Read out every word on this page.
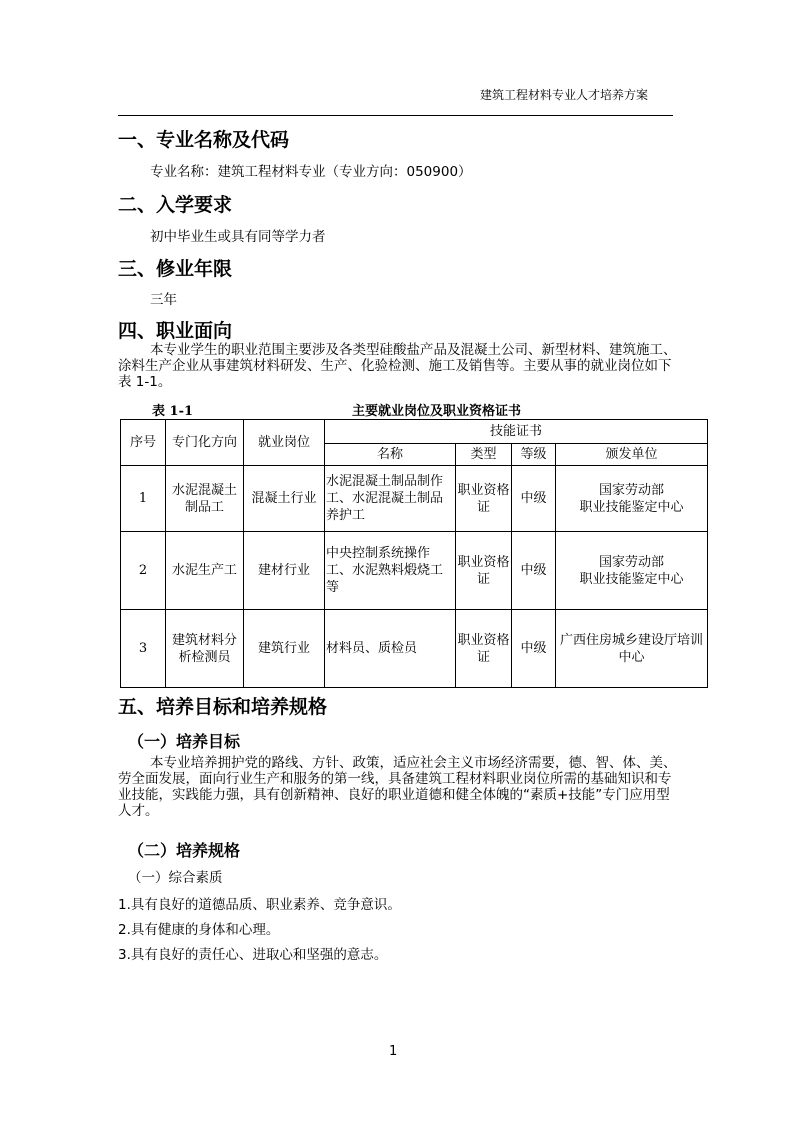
建筑工程材料专业人才培养方案
一、专业名称及代码
专业名称：建筑工程材料专业（专业方向：050900）
二、入学要求
初中毕业生或具有同等学力者
三、修业年限
三年
四、职业面向
本专业学生的职业范围主要涉及各类型硅酸盐产品及混凝土公司、新型材料、建筑施工、涂料生产企业从事建筑材料研发、生产、化验检测、施工及销售等。主要从事的就业岗位如下表 1-1。
表 1-1	主要就业岗位及职业资格证书
序号	专门化方向	就业岗位	技能证书			
			名称	类型	等级	颁发单位
1	水泥混凝土制品工	混凝土行业	水泥混凝土制品制作工、水泥混凝土制品养护工	职业资格证	中级	国家劳动部
职业技能鉴定中心
2	水泥生产工	建材行业	中央控制系统操作工、水泥熟料煅烧工等	职业资格证	中级	国家劳动部
职业技能鉴定中心
3	建筑材料分析检测员	建筑行业	材料员、质检员	职业资格证	中级	广西住房城乡建设厅培训中心
五、培养目标和培养规格
（一）培养目标
本专业培养拥护党的路线、方针、政策，适应社会主义市场经济需要，德、智、体、美、劳全面发展，面向行业生产和服务的第一线，具备建筑工程材料职业岗位所需的基础知识和专业技能，实践能力强，具有创新精神、良好的职业道德和健全体魄的“素质+技能”专门应用型人才。
（二）培养规格
（一）综合素质
1.具有良好的道德品质、职业素养、竞争意识。
2.具有健康的身体和心理。
3.具有良好的责任心、进取心和坚强的意志。
1
